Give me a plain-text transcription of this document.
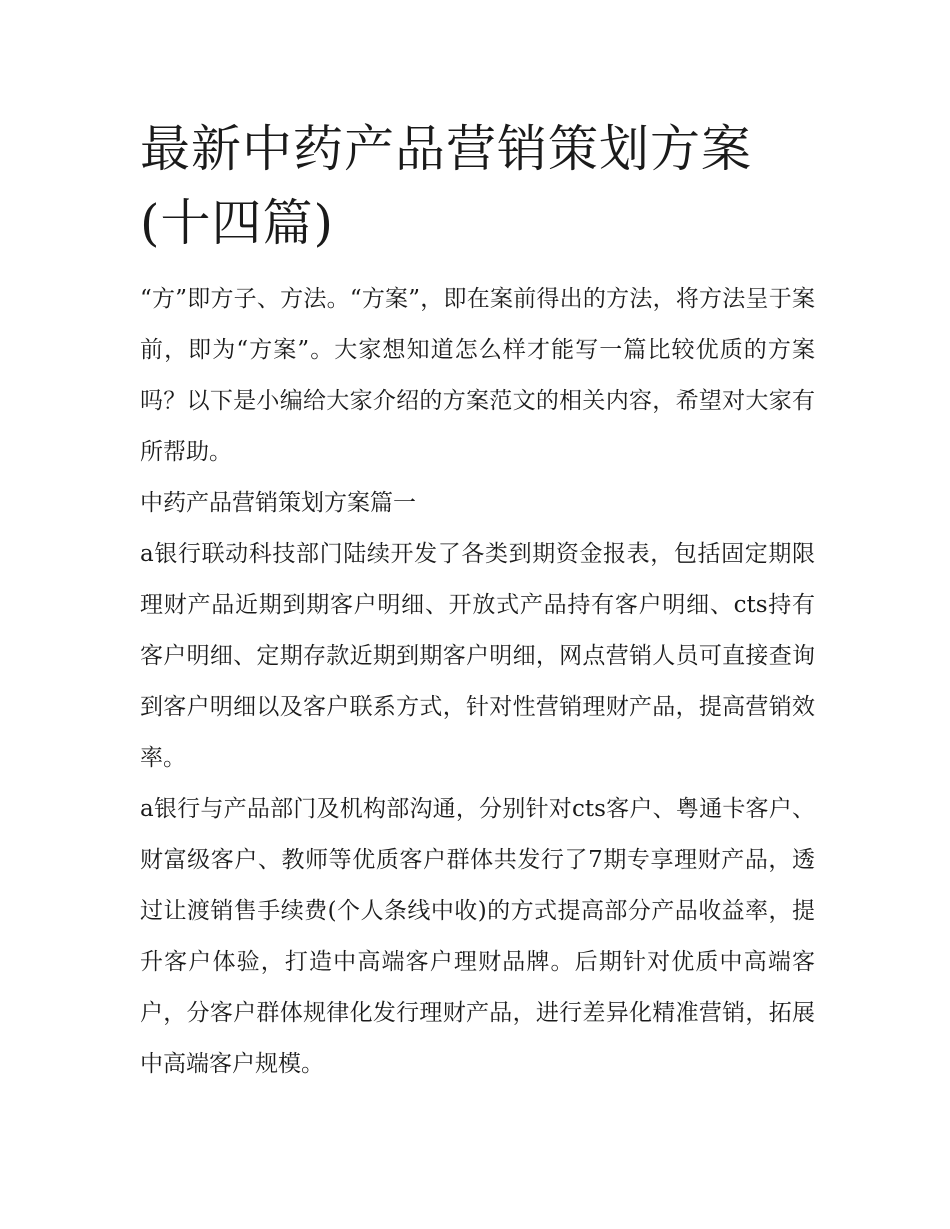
最新中药产品营销策划方案(十四篇)

“方”即方子、方法。“方案”，即在案前得出的方法，将方法呈于案前，即为“方案”。大家想知道怎么样才能写一篇比较优质的方案吗？以下是小编给大家介绍的方案范文的相关内容，希望对大家有所帮助。

中药产品营销策划方案篇一

a银行联动科技部门陆续开发了各类到期资金报表，包括固定期限理财产品近期到期客户明细、开放式产品持有客户明细、cts持有客户明细、定期存款近期到期客户明细，网点营销人员可直接查询到客户明细以及客户联系方式，针对性营销理财产品，提高营销效率。

a银行与产品部门及机构部沟通，分别针对cts客户、粤通卡客户、财富级客户、教师等优质客户群体共发行了7期专享理财产品，透过让渡销售手续费(个人条线中收)的方式提高部分产品收益率，提升客户体验，打造中高端客户理财品牌。后期针对优质中高端客户，分客户群体规律化发行理财产品，进行差异化精准营销，拓展中高端客户规模。
